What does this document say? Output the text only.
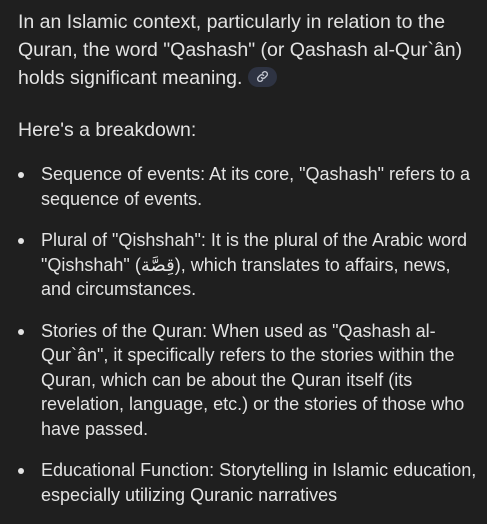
In an Islamic context, particularly in relation to the Quran, the word "Qashash" (or Qashash al-Qur`ân) holds significant meaning.

Here's a breakdown:

Sequence of events: At its core, "Qashash" refers to a sequence of events.
Plural of "Qishshah": It is the plural of the Arabic word "Qishshah" (قِصَّة), which translates to affairs, news, and circumstances.
Stories of the Quran: When used as "Qashash al-Qur`ân", it specifically refers to the stories within the Quran, which can be about the Quran itself (its revelation, language, etc.) or the stories of those who have passed.
Educational Function: Storytelling in Islamic education, especially utilizing Quranic narratives
